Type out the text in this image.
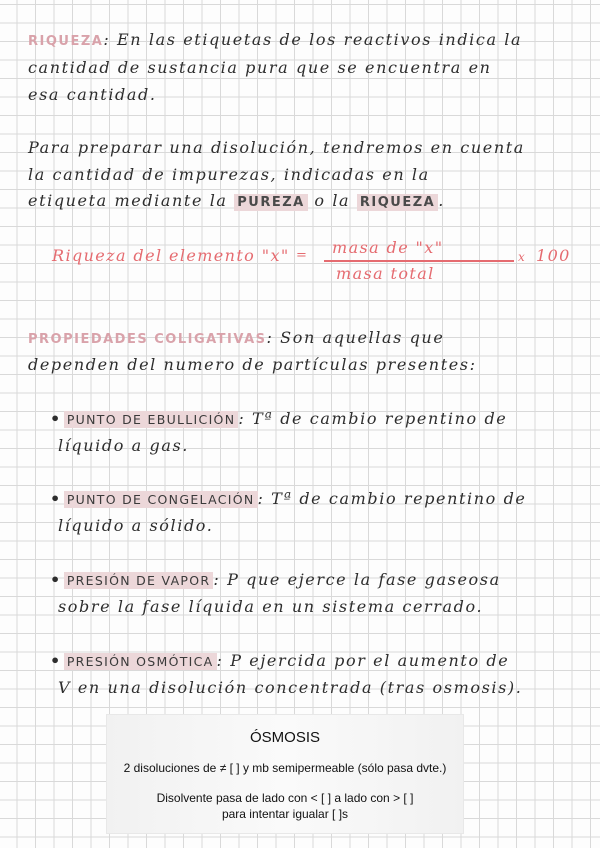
RIQUEZA: En las etiquetas de los reactivos indica la
cantidad de sustancia pura que se encuentra en
esa cantidad.
Para preparar una disolución, tendremos en cuenta
la cantidad de impurezas, indicadas en la
etiqueta mediante la PUREZA o la RIQUEZA .
Riqueza del elemento "x" = masa de "x"
masa total
x 100
PROPIEDADES COLIGATIVAS: Son aquellas que
dependen del numero de partículas presentes:
• PUNTO DE EBULLICIÓN : Tª de cambio repentino de
líquido a gas.
• PUNTO DE CONGELACIÓN : Tª de cambio repentino de
líquido a sólido.
• PRESIÓN DE VAPOR : P que ejerce la fase gaseosa
sobre la fase líquida en un sistema cerrado.
• PRESIÓN OSMÓTICA : P ejercida por el aumento de
V en una disolución concentrada (tras osmosis).
ÓSMOSIS
2 disoluciones de ≠ [ ] y mb semipermeable (sólo pasa dvte.)
Disolvente pasa de lado con < [ ] a lado con > [ ]
para intentar igualar [ ]s
